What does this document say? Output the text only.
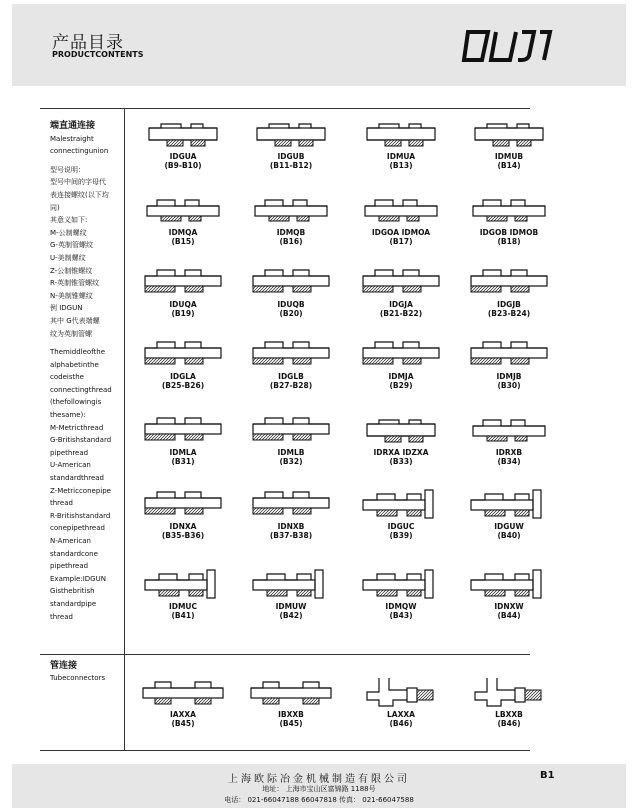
产品目录
PRODUCTCONTENTS
端直通连接
Malestraight
connectingunion
型号说明：
型号中间的字母代
表连接螺纹(以下均
同)
其意义如下:
M-公制螺纹
G-英制管螺纹
U-美制螺纹
Z-公制锥螺纹
R-英制锥管螺纹
N-美制锥螺纹
例 IDGUN
其中 G代表端螺
纹为英制管螺
Themiddleofthe
alphabetinthe
codeisthe
connectingthread
(thefollowingis
thesame):
M-Metricthread
G-Britishstandard
pipethread
U-American
standardthread
Z-Metricconepipe
thread
R-Britishstandard
conepipethread
N-American
standardcone
pipethread
Example:IDGUN
Gisthebritish
standardpipe
thread
管连接
Tubeconnectors
IDGUA
(B9-B10)
IDGUB
(B11-B12)
IDMUA
(B13)
IDMUB
(B14)
IDMQA
(B15)
IDMQB
(B16)
IDGOA IDMOA
(B17)
IDGOB IDMOB
(B18)
IDUQA
(B19)
IDUQB
(B20)
IDGJA
(B21-B22)
IDGJB
(B23-B24)
IDGLA
(B25-B26)
IDGLB
(B27-B28)
IDMJA
(B29)
IDMJB
(B30)
IDMLA
(B31)
IDMLB
(B32)
IDRXA IDZXA
(B33)
IDRXB
(B34)
IDNXA
(B35-B36)
IDNXB
(B37-B38)
IDGUC
(B39)
IDGUW
(B40)
IDMUC
(B41)
IDMUW
(B42)
IDMQW
(B43)
IDNXW
(B44)
IAXXA
(B45)
IBXXB
(B45)
LAXXA
(B46)
LBXXB
(B46)
上海欧际冶金机械制造有限公司
地址： 上海市宝山区富锦路 1188号
电话： 021-66047188 66047818 传真： 021-66047588
B1
